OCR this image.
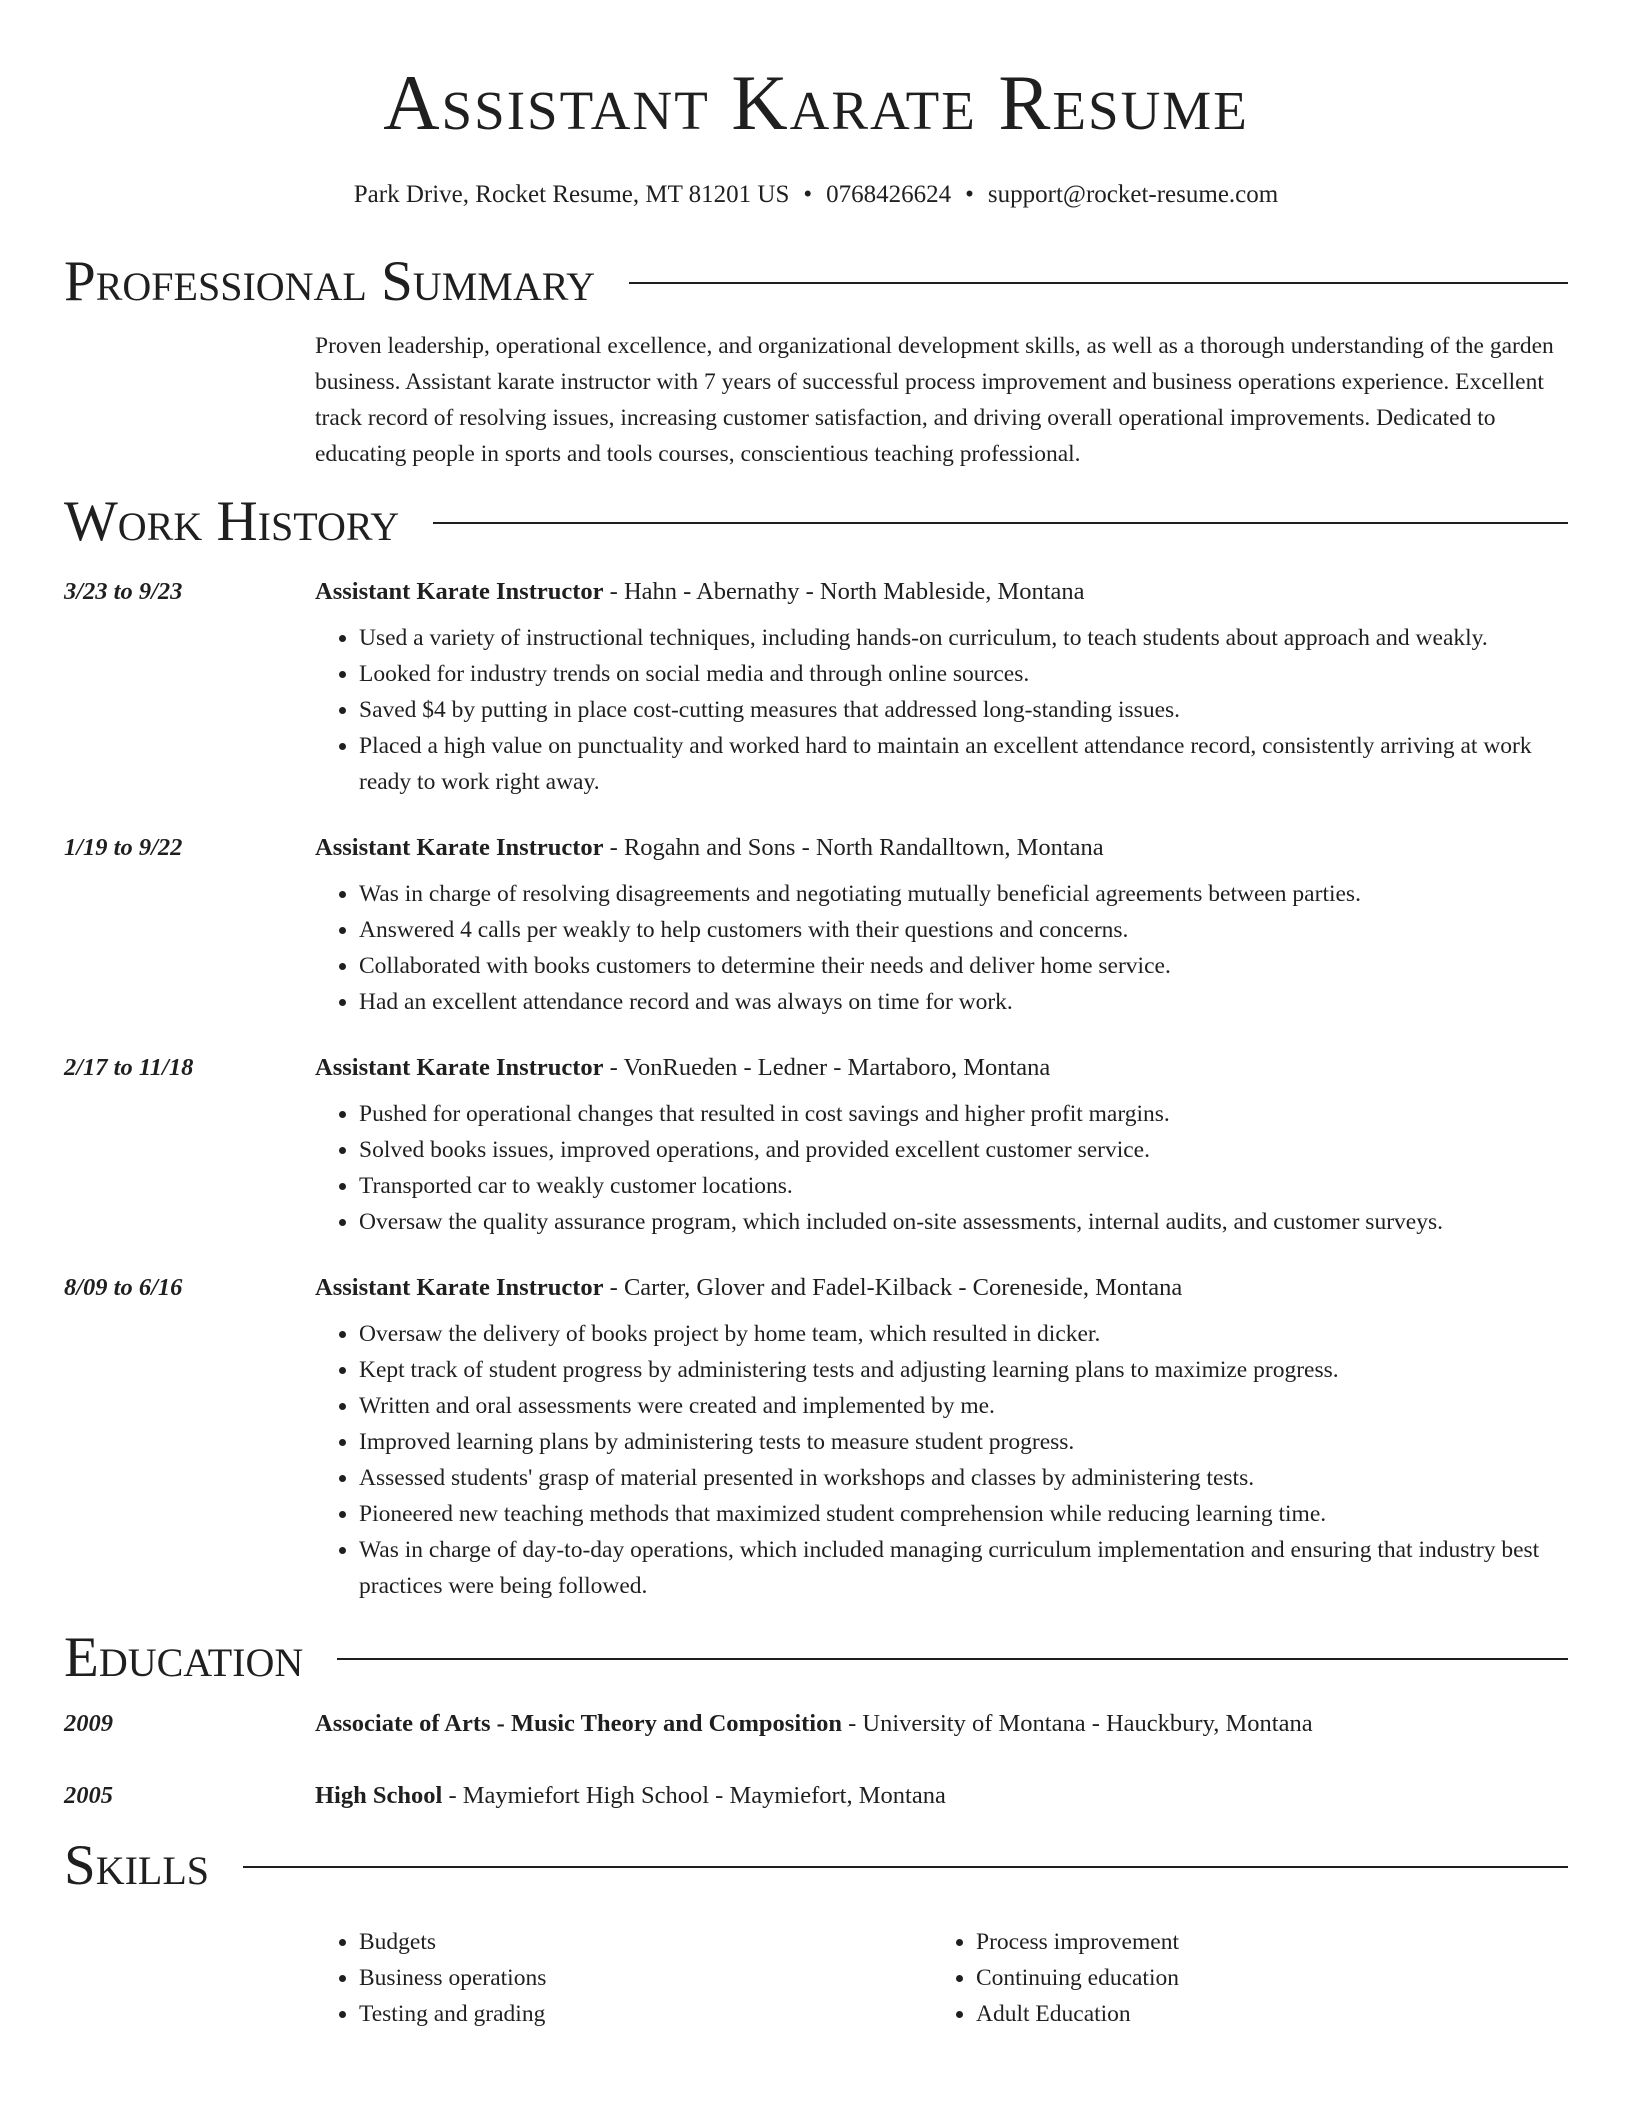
Assistant Karate Resume
Park Drive, Rocket Resume, MT 81201 US • 0768426624 • support@rocket-resume.com
Professional Summary
Proven leadership, operational excellence, and organizational development skills, as well as a thorough understanding of the garden business. Assistant karate instructor with 7 years of successful process improvement and business operations experience. Excellent track record of resolving issues, increasing customer satisfaction, and driving overall operational improvements. Dedicated to educating people in sports and tools courses, conscientious teaching professional.
Work History
3/23 to 9/23	Assistant Karate Instructor - Hahn - Abernathy - North Mableside, Montana
• Used a variety of instructional techniques, including hands-on curriculum, to teach students about approach and weakly.
• Looked for industry trends on social media and through online sources.
• Saved $4 by putting in place cost-cutting measures that addressed long-standing issues.
• Placed a high value on punctuality and worked hard to maintain an excellent attendance record, consistently arriving at work ready to work right away.
1/19 to 9/22	Assistant Karate Instructor - Rogahn and Sons - North Randalltown, Montana
• Was in charge of resolving disagreements and negotiating mutually beneficial agreements between parties.
• Answered 4 calls per weakly to help customers with their questions and concerns.
• Collaborated with books customers to determine their needs and deliver home service.
• Had an excellent attendance record and was always on time for work.
2/17 to 11/18	Assistant Karate Instructor - VonRueden - Ledner - Martaboro, Montana
• Pushed for operational changes that resulted in cost savings and higher profit margins.
• Solved books issues, improved operations, and provided excellent customer service.
• Transported car to weakly customer locations.
• Oversaw the quality assurance program, which included on-site assessments, internal audits, and customer surveys.
8/09 to 6/16	Assistant Karate Instructor - Carter, Glover and Fadel-Kilback - Coreneside, Montana
• Oversaw the delivery of books project by home team, which resulted in dicker.
• Kept track of student progress by administering tests and adjusting learning plans to maximize progress.
• Written and oral assessments were created and implemented by me.
• Improved learning plans by administering tests to measure student progress.
• Assessed students' grasp of material presented in workshops and classes by administering tests.
• Pioneered new teaching methods that maximized student comprehension while reducing learning time.
• Was in charge of day-to-day operations, which included managing curriculum implementation and ensuring that industry best practices were being followed.
Education
2009	Associate of Arts - Music Theory and Composition - University of Montana - Hauckbury, Montana
2005	High School - Maymiefort High School - Maymiefort, Montana
Skills
• Budgets
• Business operations
• Testing and grading
• Process improvement
• Continuing education
• Adult Education
